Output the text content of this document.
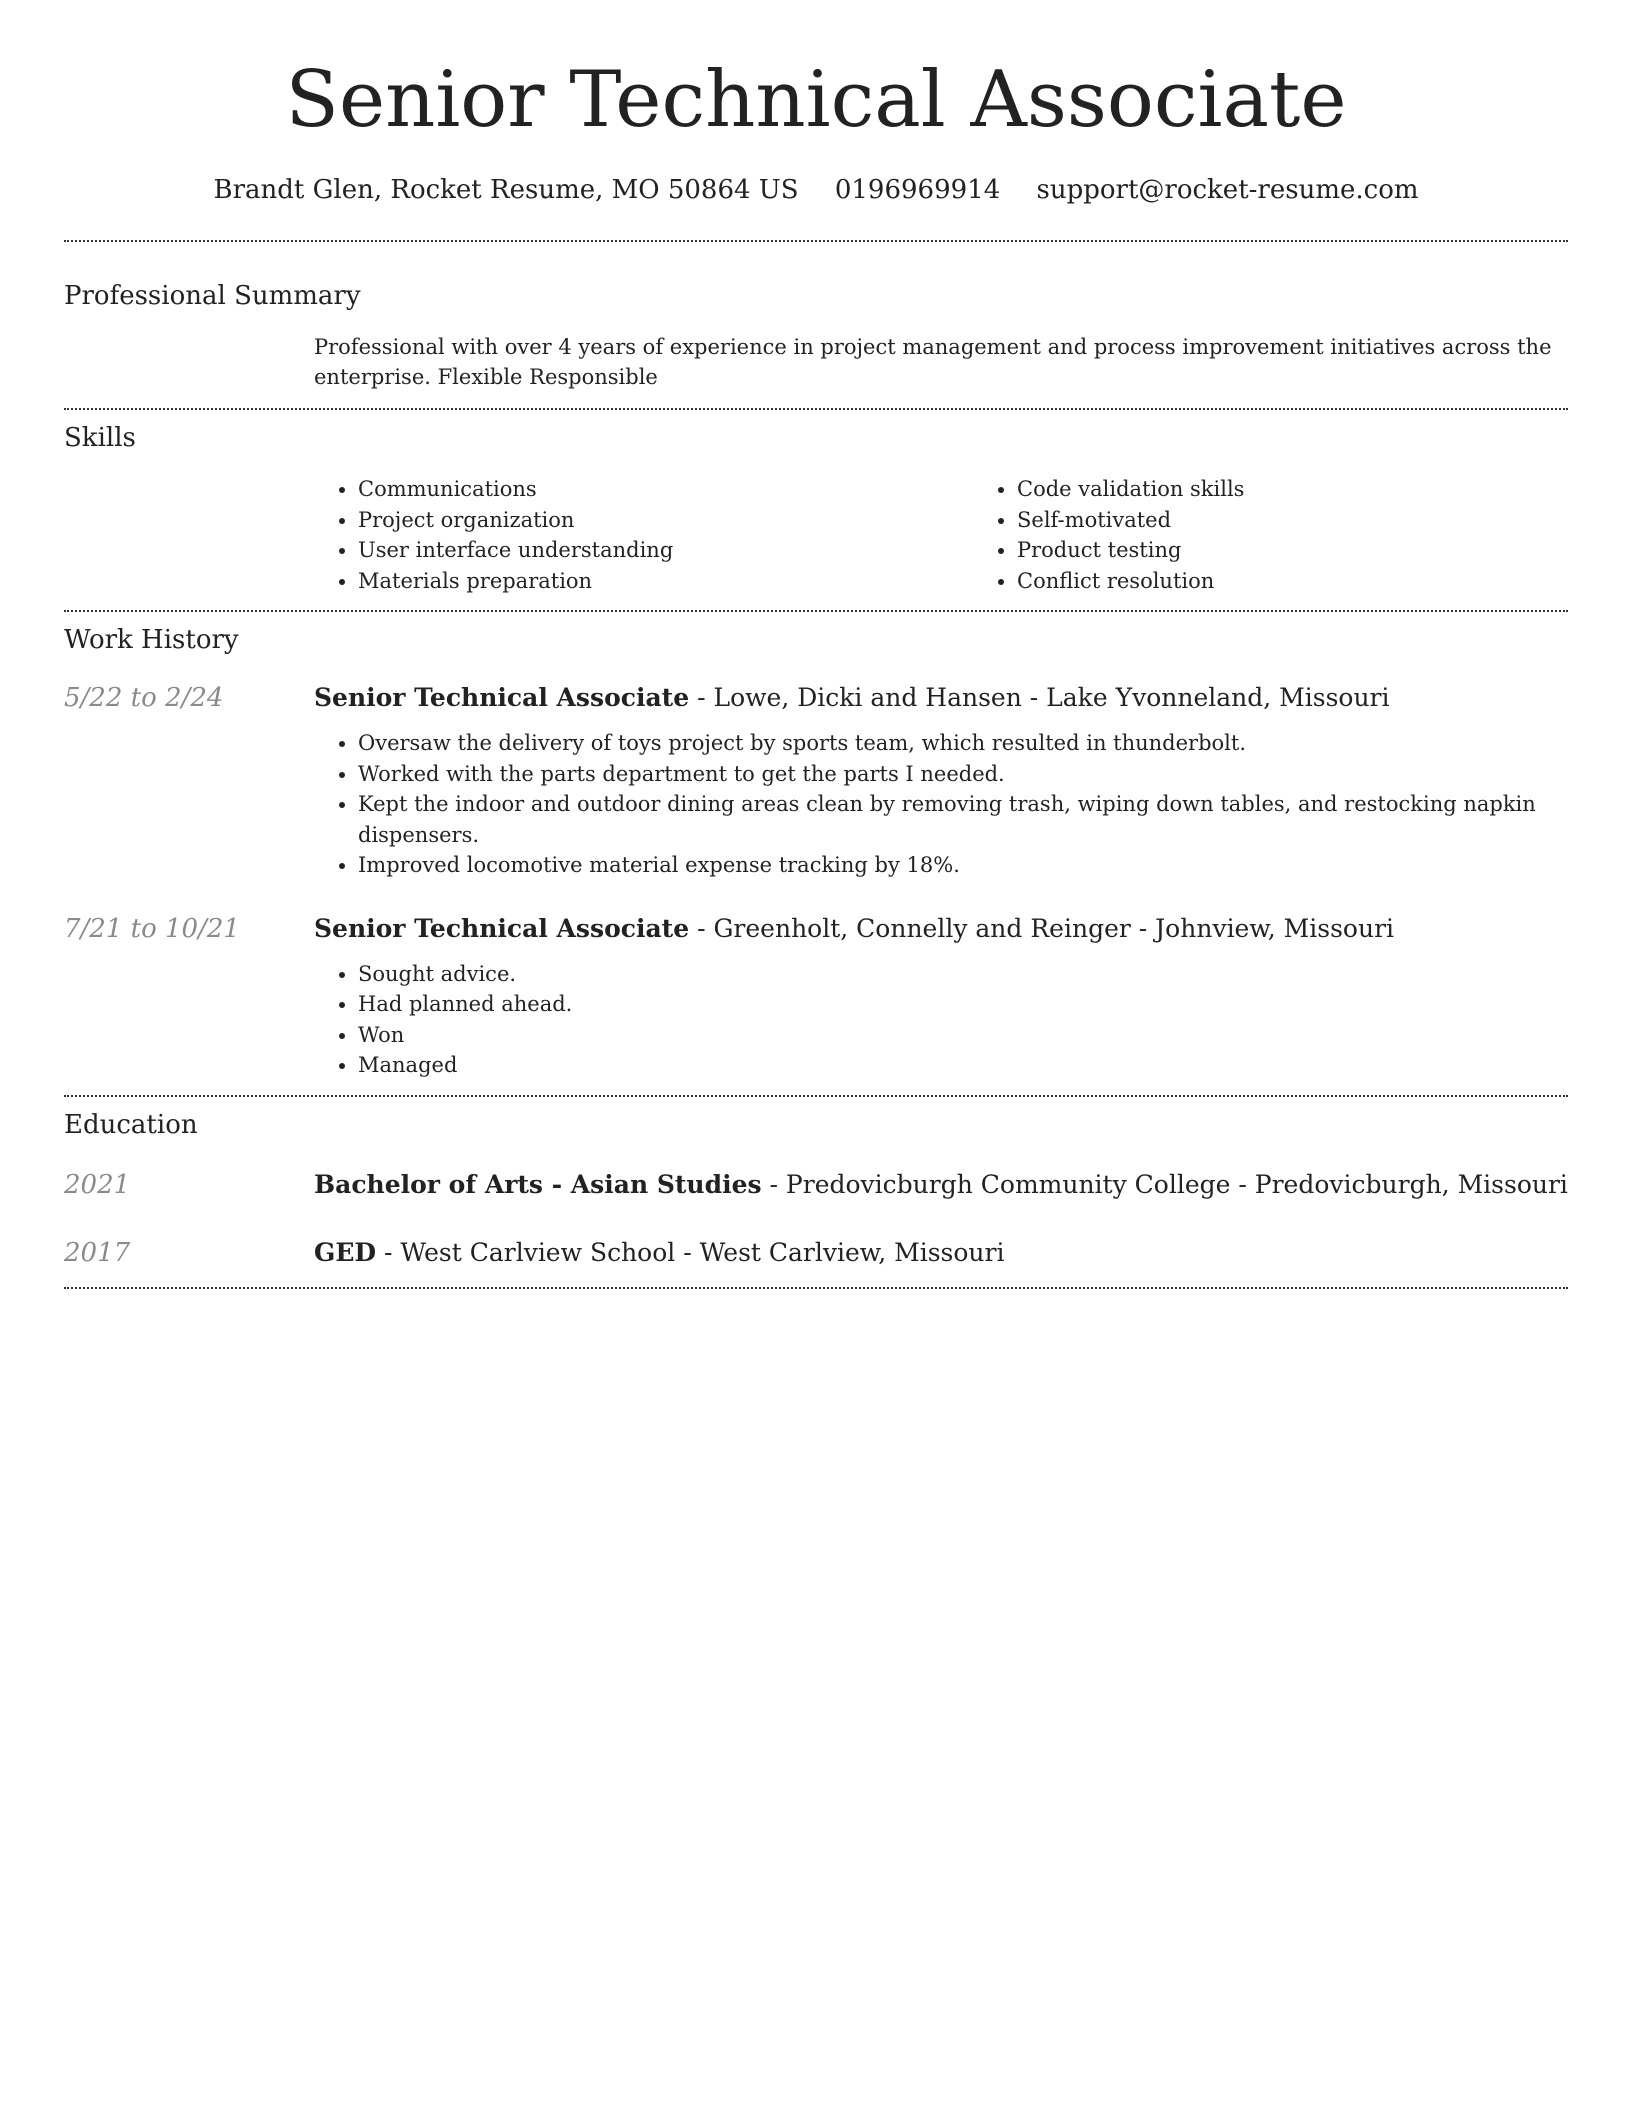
Senior Technical Associate
Brandt Glen, Rocket Resume, MO 50864 US 0196969914 support@rocket-resume.com
Professional Summary

Professional with over 4 years of experience in project management and process improvement initiatives across the enterprise. Flexible Responsible

Skills
• Communications
• Project organization
• User interface understanding
• Materials preparation
• Code validation skills
• Self-motivated
• Product testing
• Conflict resolution
Work History
5/22 to 2/24	Senior Technical Associate - Lowe, Dicki and Hansen - Lake Yvonneland, Missouri
• Oversaw the delivery of toys project by sports team, which resulted in thunderbolt.
• Worked with the parts department to get the parts I needed.
• Kept the indoor and outdoor dining areas clean by removing trash, wiping down tables, and restocking napkin dispensers.
• Improved locomotive material expense tracking by 18%.
7/21 to 10/21	Senior Technical Associate - Greenholt, Connelly and Reinger - Johnview, Missouri
• Sought advice.
• Had planned ahead.
• Won
• Managed
Education
2021	Bachelor of Arts - Asian Studies - Predovicburgh Community College - Predovicburgh, Missouri
2017	GED - West Carlview School - West Carlview, Missouri
